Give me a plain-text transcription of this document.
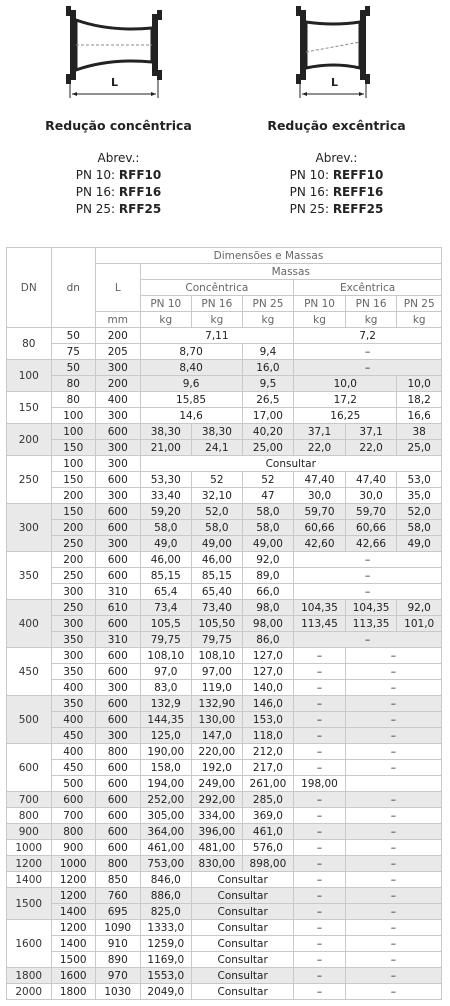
L	L
Redução concêntrica	Redução excêntrica
Abrev.:
PN 10: RFF10
PN 16: RFF16
PN 25: RFF25
Abrev.:
PN 10: REFF10
PN 16: REFF16
PN 25: REFF25
DN	dn	Dimensões e Massas						
		L	Massas					
			Concêntrica			Excêntrica		
			PN 10	PN 16	PN 25	PN 10	PN 16	PN 25
		mm	kg	kg	kg	kg	kg	kg
80	50	200	7,11			7,2		
	75	205	8,70		9,4	–		
100	50	300	8,40		16,0	–		
	80	200	9,6		9,5	10,0		10,0
150	80	400	15,85		26,5	17,2		18,2
	100	300	14,6		17,00	16,25		16,6
200	100	600	38,30	38,30	40,20	37,1	37,1	38
	150	300	21,00	24,1	25,00	22,0	22,0	25,0
250	100	300	Consultar					
	150	600	53,30	52	52	47,40	47,40	53,0
	200	300	33,40	32,10	47	30,0	30,0	35,0
300	150	600	59,20	52,0	58,0	59,70	59,70	52,0
	200	600	58,0	58,0	58,0	60,66	60,66	58,0
	250	300	49,0	49,00	49,00	42,60	42,66	49,0
350	200	600	46,00	46,00	92,0	–		
	250	600	85,15	85,15	89,0	–		
	300	310	65,4	65,40	66,0	–		
400	250	610	73,4	73,40	98,0	104,35	104,35	92,0
	300	600	105,5	105,50	98,00	113,45	113,35	101,0
	350	310	79,75	79,75	86,0	–		
450	300	600	108,10	108,10	127,0	–	–	
	350	600	97,0	97,00	127,0	–	–	
	400	300	83,0	119,0	140,0	–	–	
500	350	600	132,9	132,90	146,0	–	–	
	400	600	144,35	130,00	153,0	–	–	
	450	300	125,0	147,0	118,0	–	–	
600	400	800	190,00	220,00	212,0	–	–	
	450	600	158,0	192,0	217,0	–	–	
	500	600	194,00	249,00	261,00	198,00		
700	600	600	252,00	292,00	285,0	–	–	
800	700	600	305,00	334,00	369,0	–	–	
900	800	600	364,00	396,00	461,0	–	–	
1000	900	600	461,00	481,00	576,0	–	–	
1200	1000	800	753,00	830,00	898,00	–	–	
1400	1200	850	846,0	Consultar		–	–	
1500	1200	760	886,0	Consultar		–	–	
	1400	695	825,0	Consultar		–	–	
1600	1200	1090	1333,0	Consultar		–	–	
	1400	910	1259,0	Consultar		–	–	
	1500	890	1169,0	Consultar		–	–	
1800	1600	970	1553,0	Consultar		–	–	
2000	1800	1030	2049,0	Consultar		–	–	
